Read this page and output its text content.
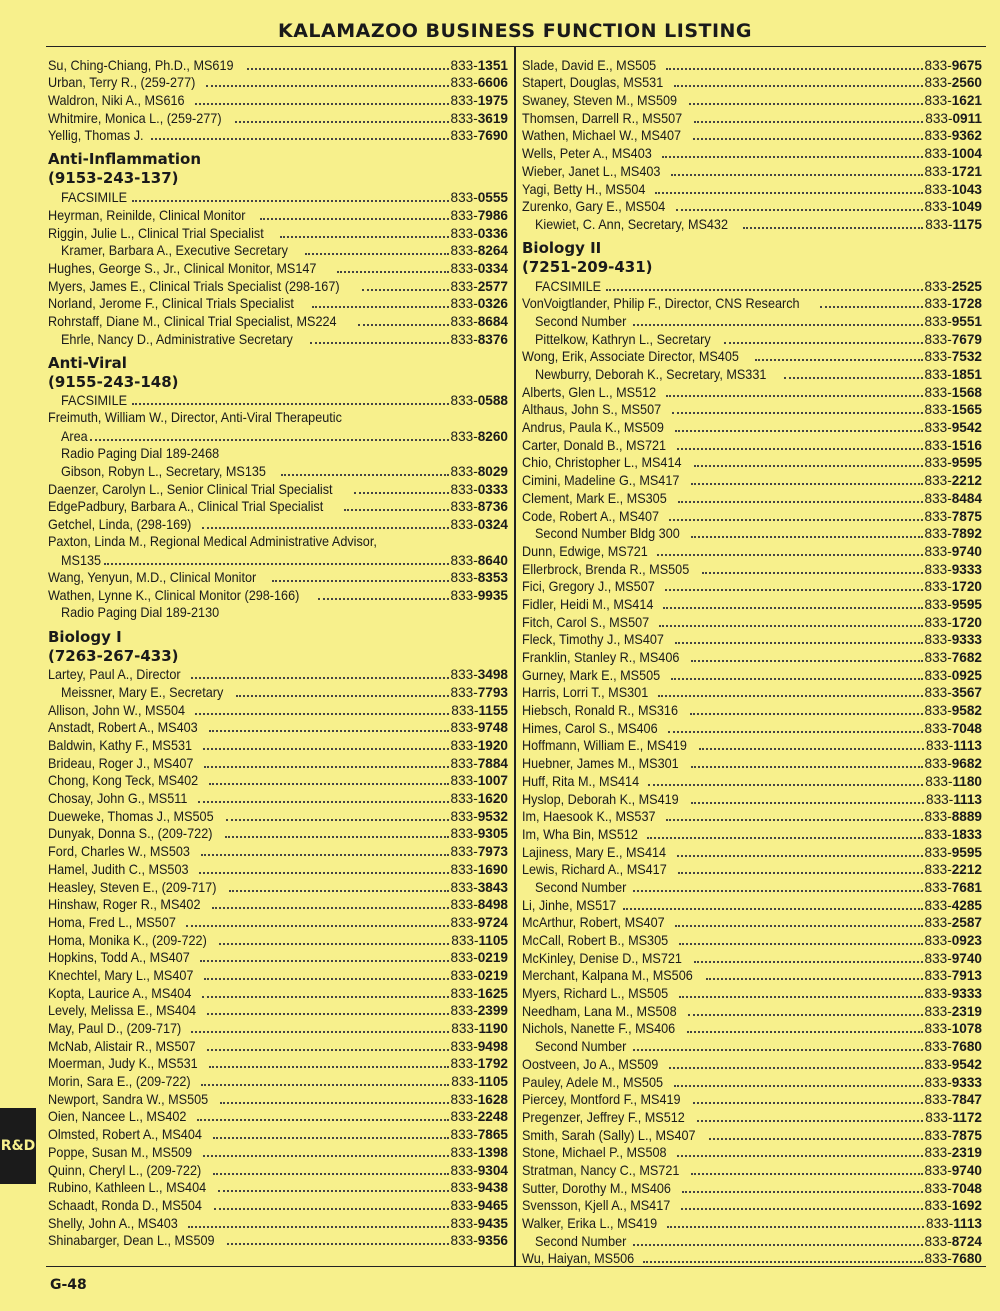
KALAMAZOO BUSINESS FUNCTION LISTING
Su, Ching-Chiang, Ph.D., MS619	833-1351
Urban, Terry R., (259-277)	833-6606
Waldron, Niki A., MS616	833-1975
Whitmire, Monica L., (259-277)	833-3619
Yellig, Thomas J.	833-7690
Anti-Inflammation
(9153-243-137)
FACSIMILE	833-0555
Heyrman, Reinilde, Clinical Monitor	833-7986
Riggin, Julie L., Clinical Trial Specialist	833-0336
Kramer, Barbara A., Executive Secretary	833-8264
Hughes, George S., Jr., Clinical Monitor, MS147	833-0334
Myers, James E., Clinical Trials Specialist (298-167)	833-2577
Norland, Jerome F., Clinical Trials Specialist	833-0326
Rohrstaff, Diane M., Clinical Trial Specialist, MS224	833-8684
Ehrle, Nancy D., Administrative Secretary	833-8376
Anti-Viral
(9155-243-148)
FACSIMILE	833-0588
Freimuth, William W., Director, Anti-Viral Therapeutic
Area	833-8260
Radio Paging Dial 189-2468
Gibson, Robyn L., Secretary, MS135	833-8029
Daenzer, Carolyn L., Senior Clinical Trial Specialist	833-0333
EdgePadbury, Barbara A., Clinical Trial Specialist	833-8736
Getchel, Linda, (298-169)	833-0324
Paxton, Linda M., Regional Medical Administrative Advisor,
MS135	833-8640
Wang, Yenyun, M.D., Clinical Monitor	833-8353
Wathen, Lynne K., Clinical Monitor (298-166)	833-9935
Radio Paging Dial 189-2130
Biology I
(7263-267-433)
Lartey, Paul A., Director	833-3498
Meissner, Mary E., Secretary	833-7793
Allison, John W., MS504	833-1155
Anstadt, Robert A., MS403	833-9748
Baldwin, Kathy F., MS531	833-1920
Brideau, Roger J., MS407	833-7884
Chong, Kong Teck, MS402	833-1007
Chosay, John G., MS511	833-1620
Dueweke, Thomas J., MS505	833-9532
Dunyak, Donna S., (209-722)	833-9305
Ford, Charles W., MS503	833-7973
Hamel, Judith C., MS503	833-1690
Heasley, Steven E., (209-717)	833-3843
Hinshaw, Roger R., MS402	833-8498
Homa, Fred L., MS507	833-9724
Homa, Monika K., (209-722)	833-1105
Hopkins, Todd A., MS407	833-0219
Knechtel, Mary L., MS407	833-0219
Kopta, Laurice A., MS404	833-1625
Levely, Melissa E., MS404	833-2399
May, Paul D., (209-717)	833-1190
McNab, Alistair R., MS507	833-9498
Moerman, Judy K., MS531	833-1792
Morin, Sara E., (209-722)	833-1105
Newport, Sandra W., MS505	833-1628
Oien, Nancee L., MS402	833-2248
Olmsted, Robert A., MS404	833-7865
Poppe, Susan M., MS509	833-1398
Quinn, Cheryl L., (209-722)	833-9304
Rubino, Kathleen L., MS404	833-9438
Schaadt, Ronda D., MS504	833-9465
Shelly, John A., MS403	833-9435
Shinabarger, Dean L., MS509	833-9356
Slade, David E., MS505	833-9675
Stapert, Douglas, MS531	833-2560
Swaney, Steven M., MS509	833-1621
Thomsen, Darrell R., MS507	833-0911
Wathen, Michael W., MS407	833-9362
Wells, Peter A., MS403	833-1004
Wieber, Janet L., MS403	833-1721
Yagi, Betty H., MS504	833-1043
Zurenko, Gary E., MS504	833-1049
Kiewiet, C. Ann, Secretary, MS432	833-1175
Biology II
(7251-209-431)
FACSIMILE	833-2525
VonVoigtlander, Philip F., Director, CNS Research	833-1728
Second Number	833-9551
Pittelkow, Kathryn L., Secretary	833-7679
Wong, Erik, Associate Director, MS405	833-7532
Newburry, Deborah K., Secretary, MS331	833-1851
Alberts, Glen L., MS512	833-1568
Althaus, John S., MS507	833-1565
Andrus, Paula K., MS509	833-9542
Carter, Donald B., MS721	833-1516
Chio, Christopher L., MS414	833-9595
Cimini, Madeline G., MS417	833-2212
Clement, Mark E., MS305	833-8484
Code, Robert A., MS407	833-7875
Second Number Bldg 300	833-7892
Dunn, Edwige, MS721	833-9740
Ellerbrock, Brenda R., MS505	833-9333
Fici, Gregory J., MS507	833-1720
Fidler, Heidi M., MS414	833-9595
Fitch, Carol S., MS507	833-1720
Fleck, Timothy J., MS407	833-9333
Franklin, Stanley R., MS406	833-7682
Gurney, Mark E., MS505	833-0925
Harris, Lorri T., MS301	833-3567
Hiebsch, Ronald R., MS316	833-9582
Himes, Carol S., MS406	833-7048
Hoffmann, William E., MS419	833-1113
Huebner, James M., MS301	833-9682
Huff, Rita M., MS414	833-1180
Hyslop, Deborah K., MS419	833-1113
Im, Haesook K., MS537	833-8889
Im, Wha Bin, MS512	833-1833
Lajiness, Mary E., MS414	833-9595
Lewis, Richard A., MS417	833-2212
Second Number	833-7681
Li, Jinhe, MS517	833-4285
McArthur, Robert, MS407	833-2587
McCall, Robert B., MS305	833-0923
McKinley, Denise D., MS721	833-9740
Merchant, Kalpana M., MS506	833-7913
Myers, Richard L., MS505	833-9333
Needham, Lana M., MS508	833-2319
Nichols, Nanette F., MS406	833-1078
Second Number	833-7680
Oostveen, Jo A., MS509	833-9542
Pauley, Adele M., MS505	833-9333
Piercey, Montford F., MS419	833-7847
Pregenzer, Jeffrey F., MS512	833-1172
Smith, Sarah (Sally) L., MS407	833-7875
Stone, Michael P., MS508	833-2319
Stratman, Nancy C., MS721	833-9740
Sutter, Dorothy M., MS406	833-7048
Svensson, Kjell A., MS417	833-1692
Walker, Erika L., MS419	833-1113
Second Number	833-8724
Wu, Haiyan, MS506	833-7680
R&D
G-48
